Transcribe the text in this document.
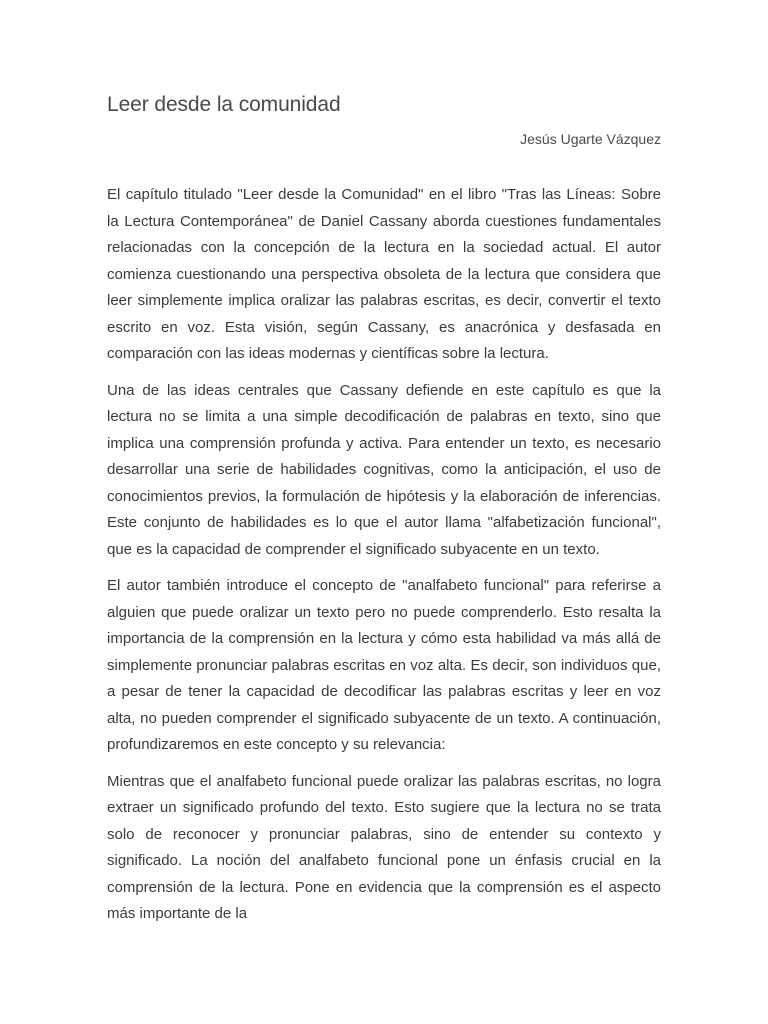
Leer desde la comunidad
Jesús Ugarte Vázquez

El capítulo titulado "Leer desde la Comunidad" en el libro "Tras las Líneas: Sobre la Lectura Contemporánea" de Daniel Cassany aborda cuestiones fundamentales relacionadas con la concepción de la lectura en la sociedad actual. El autor comienza cuestionando una perspectiva obsoleta de la lectura que considera que leer simplemente implica oralizar las palabras escritas, es decir, convertir el texto escrito en voz. Esta visión, según Cassany, es anacrónica y desfasada en comparación con las ideas modernas y científicas sobre la lectura.

Una de las ideas centrales que Cassany defiende en este capítulo es que la lectura no se limita a una simple decodificación de palabras en texto, sino que implica una comprensión profunda y activa. Para entender un texto, es necesario desarrollar una serie de habilidades cognitivas, como la anticipación, el uso de conocimientos previos, la formulación de hipótesis y la elaboración de inferencias. Este conjunto de habilidades es lo que el autor llama "alfabetización funcional", que es la capacidad de comprender el significado subyacente en un texto.

El autor también introduce el concepto de "analfabeto funcional" para referirse a alguien que puede oralizar un texto pero no puede comprenderlo. Esto resalta la importancia de la comprensión en la lectura y cómo esta habilidad va más allá de simplemente pronunciar palabras escritas en voz alta. Es decir, son individuos que, a pesar de tener la capacidad de decodificar las palabras escritas y leer en voz alta, no pueden comprender el significado subyacente de un texto. A continuación, profundizaremos en este concepto y su relevancia:

Mientras que el analfabeto funcional puede oralizar las palabras escritas, no logra extraer un significado profundo del texto. Esto sugiere que la lectura no se trata solo de reconocer y pronunciar palabras, sino de entender su contexto y significado. La noción del analfabeto funcional pone un énfasis crucial en la comprensión de la lectura. Pone en evidencia que la comprensión es el aspecto más importante de la
